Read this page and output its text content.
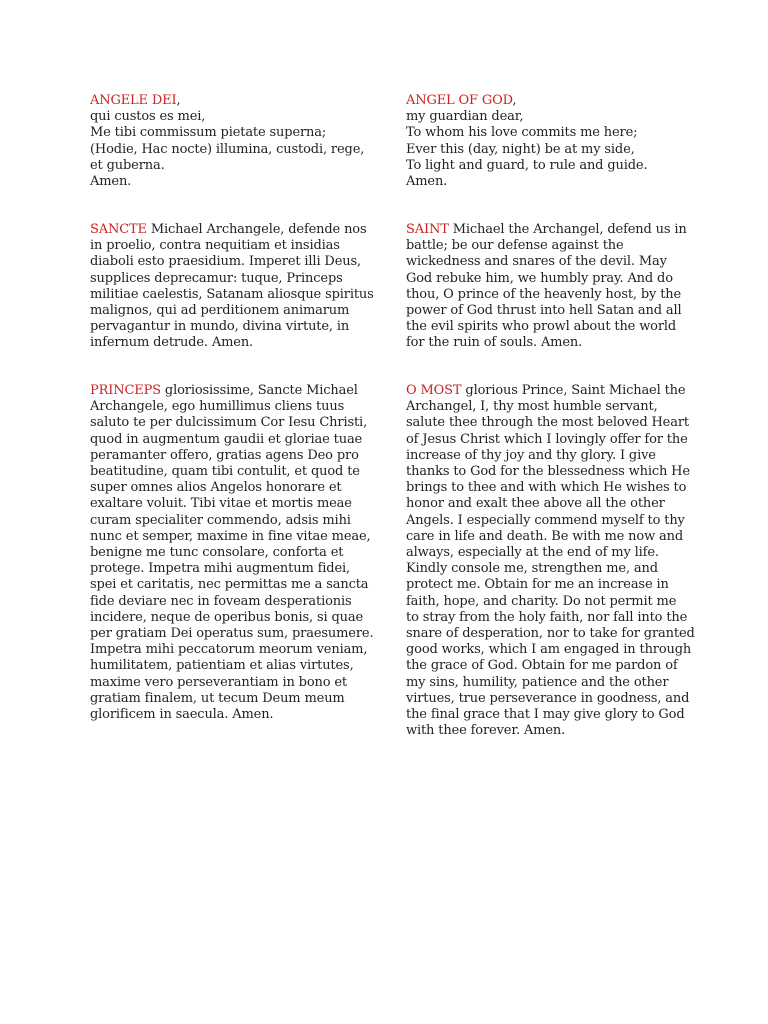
ANGELE DEI,
qui custos es mei,
Me tibi commissum pietate superna;
(Hodie, Hac nocte) illumina, custodi, rege,
et guberna.
Amen.
ANGEL OF GOD,
my guardian dear,
To whom his love commits me here;
Ever this (day, night) be at my side,
To light and guard, to rule and guide.
Amen.
SANCTE Michael Archangele, defende nos
in proelio, contra nequitiam et insidias
diaboli esto praesidium. Imperet illi Deus,
supplices deprecamur: tuque, Princeps
militiae caelestis, Satanam aliosque spiritus
malignos, qui ad perditionem animarum
pervagantur in mundo, divina virtute, in
infernum detrude. Amen.
SAINT Michael the Archangel, defend us in
battle; be our defense against the
wickedness and snares of the devil. May
God rebuke him, we humbly pray. And do
thou, O prince of the heavenly host, by the
power of God thrust into hell Satan and all
the evil spirits who prowl about the world
for the ruin of souls. Amen.
PRINCEPS gloriosissime, Sancte Michael
Archangele, ego humillimus cliens tuus
saluto te per dulcissimum Cor Iesu Christi,
quod in augmentum gaudii et gloriae tuae
peramanter offero, gratias agens Deo pro
beatitudine, quam tibi contulit, et quod te
super omnes alios Angelos honorare et
exaltare voluit. Tibi vitae et mortis meae
curam specialiter commendo, adsis mihi
nunc et semper, maxime in fine vitae meae,
benigne me tunc consolare, conforta et
protege. Impetra mihi augmentum fidei,
spei et caritatis, nec permittas me a sancta
fide deviare nec in foveam desperationis
incidere, neque de operibus bonis, si quae
per gratiam Dei operatus sum, praesumere.
Impetra mihi peccatorum meorum veniam,
humilitatem, patientiam et alias virtutes,
maxime vero perseverantiam in bono et
gratiam finalem, ut tecum Deum meum
glorificem in saecula. Amen.
O MOST glorious Prince, Saint Michael the
Archangel, I, thy most humble servant,
salute thee through the most beloved Heart
of Jesus Christ which I lovingly offer for the
increase of thy joy and thy glory. I give
thanks to God for the blessedness which He
brings to thee and with which He wishes to
honor and exalt thee above all the other
Angels. I especially commend myself to thy
care in life and death. Be with me now and
always, especially at the end of my life.
Kindly console me, strengthen me, and
protect me. Obtain for me an increase in
faith, hope, and charity. Do not permit me
to stray from the holy faith, nor fall into the
snare of desperation, nor to take for granted
good works, which I am engaged in through
the grace of God. Obtain for me pardon of
my sins, humility, patience and the other
virtues, true perseverance in goodness, and
the final grace that I may give glory to God
with thee forever. Amen.
